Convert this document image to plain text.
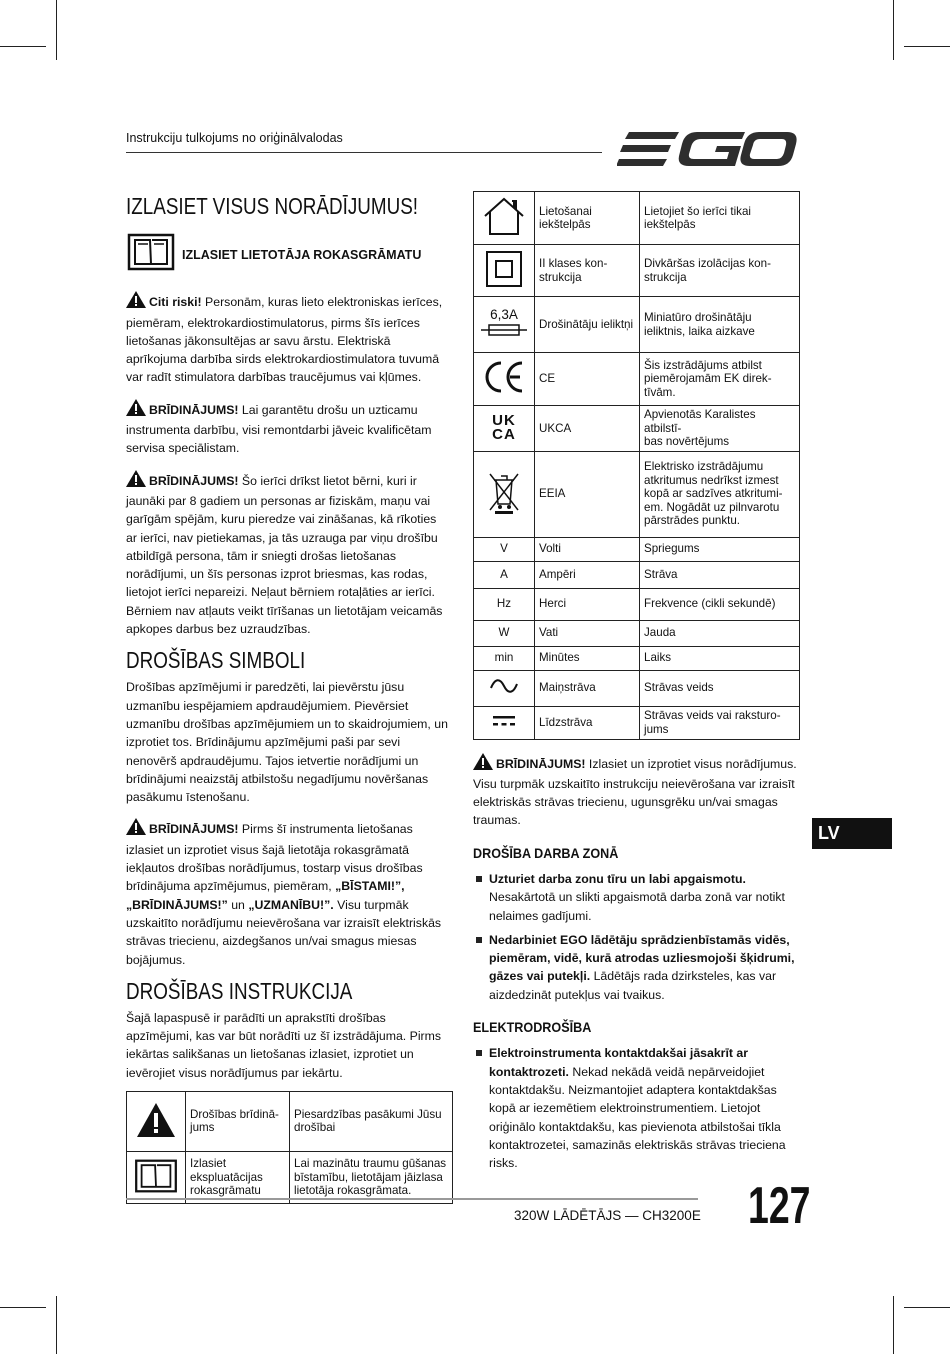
Instrukciju tulkojums no oriģinālvalodas
IZLASIET VISUS NORĀDĪJUMUS!
IZLASIET LIETOTĀJA ROKASGRĀMATU

Citi riski! Personām, kuras lieto elektroniskas ierīces, piemēram, elektrokardiostimulatorus, pirms šīs ierīces lietošanas jākonsultējas ar savu ārstu. Elektriskā aprīkojuma darbība sirds elektrokardiostimulatora tuvumā var radīt stimulatora darbības traucējumus vai kļūmes.

BRĪDINĀJUMS! Lai garantētu drošu un uzticamu instrumenta darbību, visi remontdarbi jāveic kvalificētam servisa speciālistam.

BRĪDINĀJUMS! Šo ierīci drīkst lietot bērni, kuri ir jaunāki par 8 gadiem un personas ar fiziskām, maņu vai garīgām spējām, kuru pieredze vai zināšanas, kā rīkoties ar ierīci, nav pietiekamas, ja tās uzrauga par viņu drošību atbildīgā persona, tām ir sniegti drošas lietošanas norādījumi, un šīs personas izprot briesmas, kas rodas, lietojot ierīci nepareizi. Neļaut bērniem rotaļāties ar ierīci. Bērniem nav atļauts veikt tīrīšanas un lietotājam veicamās apkopes darbus bez uzraudzības.

DROŠĪBAS SIMBOLI

Drošības apzīmējumi ir paredzēti, lai pievērstu jūsu uzmanību iespējamiem apdraudējumiem. Pievērsiet uzmanību drošības apzīmējumiem un to skaidrojumiem, un izprotiet tos. Brīdinājumu apzīmējumi paši par sevi nenovērš apdraudējumu. Tajos ietvertie norādījumi un brīdinājumi neaizstāj atbilstošu negadījumu novēršanas pasākumu īstenošanu.

BRĪDINĀJUMS! Pirms šī instrumenta lietošanas izlasiet un izprotiet visus šajā lietotāja rokasgrāmatā iekļautos drošības norādījumus, tostarp visus drošības brīdinājuma apzīmējumus, piemēram, „BĪSTAMI!”, „BRĪDINĀJUMS!” un „UZMANĪBU!”. Visu turpmāk uzskaitīto norādījumu neievērošana var izraisīt elektriskās strāvas triecienu, aizdegšanos un/vai smagus miesas bojājumus.

DROŠĪBAS INSTRUKCIJA

Šajā lapaspusē ir parādīti un aprakstīti drošības apzīmējumi, kas var būt norādīti uz šī izstrādājuma. Pirms iekārtas salikšanas un lietošanas izlasiet, izprotiet un ievērojiet visus norādījumus par iekārtu.

	Drošības brīdinā-
jums	Piesardzības pasākumi Jūsu drošībai
	Izlasiet
ekspluatācijas
rokasgrāmatu	Lai mazinātu traumu gūšanas bīstamību, lietotājam jāizlasa lietotāja rokasgrāmata.
	Lietošanai
iekštelpās	Lietojiet šo ierīci tikai
iekštelpās
	II klases kon-
strukcija	Divkāršas izolācijas kon-
strukcija

6,3A	Drošinātāju ieliktņi	Miniatūro drošinātāju ieliktnis, laika aizkave
	CE	Šis izstrādājums atbilst
piemērojamām EK direk-
tīvām.

UK
CA	UKCA	Apvienotās Karalistes atbilstī-
bas novērtējums
	EEIA	Elektrisko izstrādājumu
atkritumus nedrīkst izmest
kopā ar sadzīves atkritumi-
em. Nogādāt uz pilnvarotu
pārstrādes punktu.
V	Volti	Spriegums
A	Ampēri	Strāva
Hz	Herci	Frekvence (cikli sekundē)
W	Vati	Jauda
min	Minūtes	Laiks
	Maiņstrāva	Strāvas veids
	Līdzstrāva	Strāvas veids vai raksturo-
jums

BRĪDINĀJUMS! Izlasiet un izprotiet visus norādījumus. Visu turpmāk uzskaitīto instrukciju neievērošana var izraisīt elektriskās strāvas triecienu, ugunsgrēku un/vai smagas traumas.

DROŠĪBA DARBA ZONĀ
Uzturiet darba zonu tīru un labi apgaismotu. Nesakārtotā un slikti apgaismotā darba zonā var notikt nelaimes gadījumi.
Nedarbiniet EGO lādētāju sprādzienbīstamās vidēs, piemēram, vidē, kurā atrodas uzliesmojoši šķidrumi, gāzes vai putekļi. Lādētājs rada dzirksteles, kas var aizdedzināt putekļus vai tvaikus.
ELEKTRODROŠĪBA
Elektroinstrumenta kontaktdakšai jāsakrīt ar kontaktrozeti. Nekad nekādā veidā nepārveidojiet kontaktdakšu. Neizmantojiet adaptera kontaktdakšas kopā ar iezemētiem elektroinstrumentiem. Lietojot oriģinālo kontaktdakšu, kas pievienota atbilstošai tīkla kontaktrozetei, samazinās elektriskās strāvas trieciena risks.
LV
320W LĀDĒTĀJS — CH3200E 127
